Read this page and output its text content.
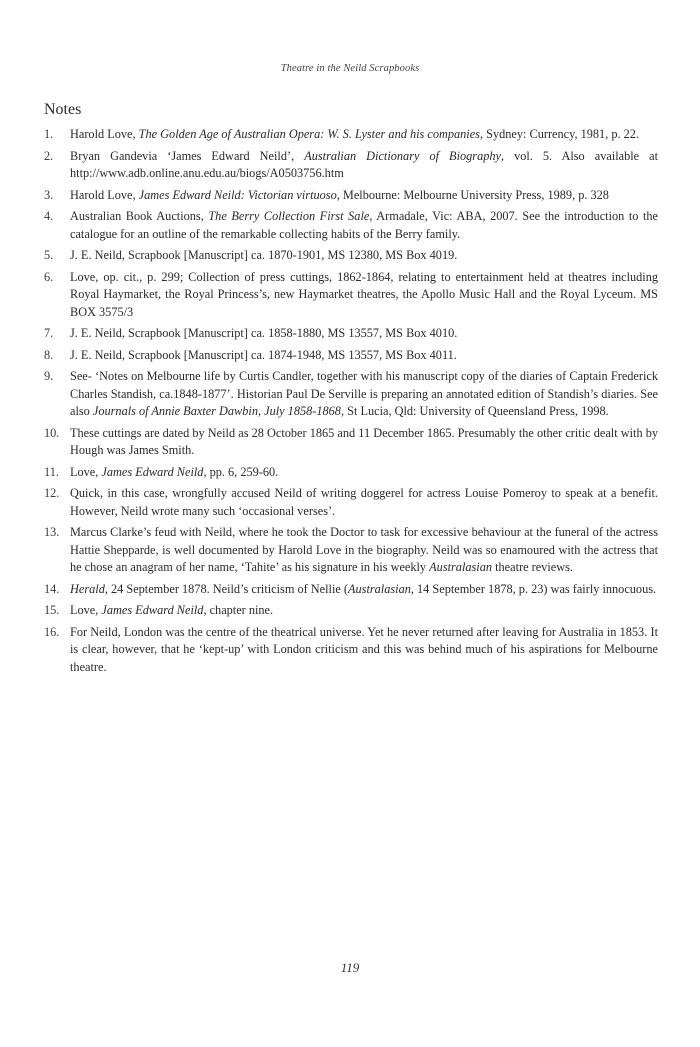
Theatre in the Neild Scrapbooks
Notes
1.	Harold Love, The Golden Age of Australian Opera: W. S. Lyster and his companies, Sydney: Currency, 1981, p. 22.
2.	Bryan Gandevia ‘James Edward Neild’, Australian Dictionary of Biography, vol. 5. Also available at http://www.adb.online.anu.edu.au/biogs/A0503756.htm
3.	Harold Love, James Edward Neild: Victorian virtuoso, Melbourne: Melbourne University Press, 1989, p. 328
4.	Australian Book Auctions, The Berry Collection First Sale, Armadale, Vic: ABA, 2007. See the introduction to the catalogue for an outline of the remarkable collecting habits of the Berry family.
5.	J. E. Neild, Scrapbook [Manuscript] ca. 1870-1901, MS 12380, MS Box 4019.
6.	Love, op. cit., p. 299; Collection of press cuttings, 1862-1864, relating to entertainment held at theatres including Royal Haymarket, the Royal Princess’s, new Haymarket theatres, the Apollo Music Hall and the Royal Lyceum. MS BOX 3575/3
7.	J. E. Neild, Scrapbook [Manuscript] ca. 1858-1880, MS 13557, MS Box 4010.
8.	J. E. Neild, Scrapbook [Manuscript] ca. 1874-1948, MS 13557, MS Box 4011.
9.	See- ‘Notes on Melbourne life by Curtis Candler, together with his manuscript copy of the diaries of Captain Frederick Charles Standish, ca.1848-1877’. Historian Paul De Serville is preparing an annotated edition of Standish’s diaries. See also Journals of Annie Baxter Dawbin, July 1858-1868, St Lucia, Qld: University of Queensland Press, 1998.
10. These cuttings are dated by Neild as 28 October 1865 and 11 December 1865. Presumably the other critic dealt with by Hough was James Smith.
11. Love, James Edward Neild, pp. 6, 259-60.
12. Quick, in this case, wrongfully accused Neild of writing doggerel for actress Louise Pomeroy to speak at a benefit. However, Neild wrote many such ‘occasional verses’.
13. Marcus Clarke’s feud with Neild, where he took the Doctor to task for excessive behaviour at the funeral of the actress Hattie Shepparde, is well documented by Harold Love in the biography. Neild was so enamoured with the actress that he chose an anagram of her name, ‘Tahite’ as his signature in his weekly Australasian theatre reviews.
14. Herald, 24 September 1878. Neild’s criticism of Nellie (Australasian, 14 September 1878, p. 23) was fairly innocuous.
15. Love, James Edward Neild, chapter nine.
16. For Neild, London was the centre of the theatrical universe. Yet he never returned after leaving for Australia in 1853. It is clear, however, that he ‘kept-up’ with London criticism and this was behind much of his aspirations for Melbourne theatre.
119
